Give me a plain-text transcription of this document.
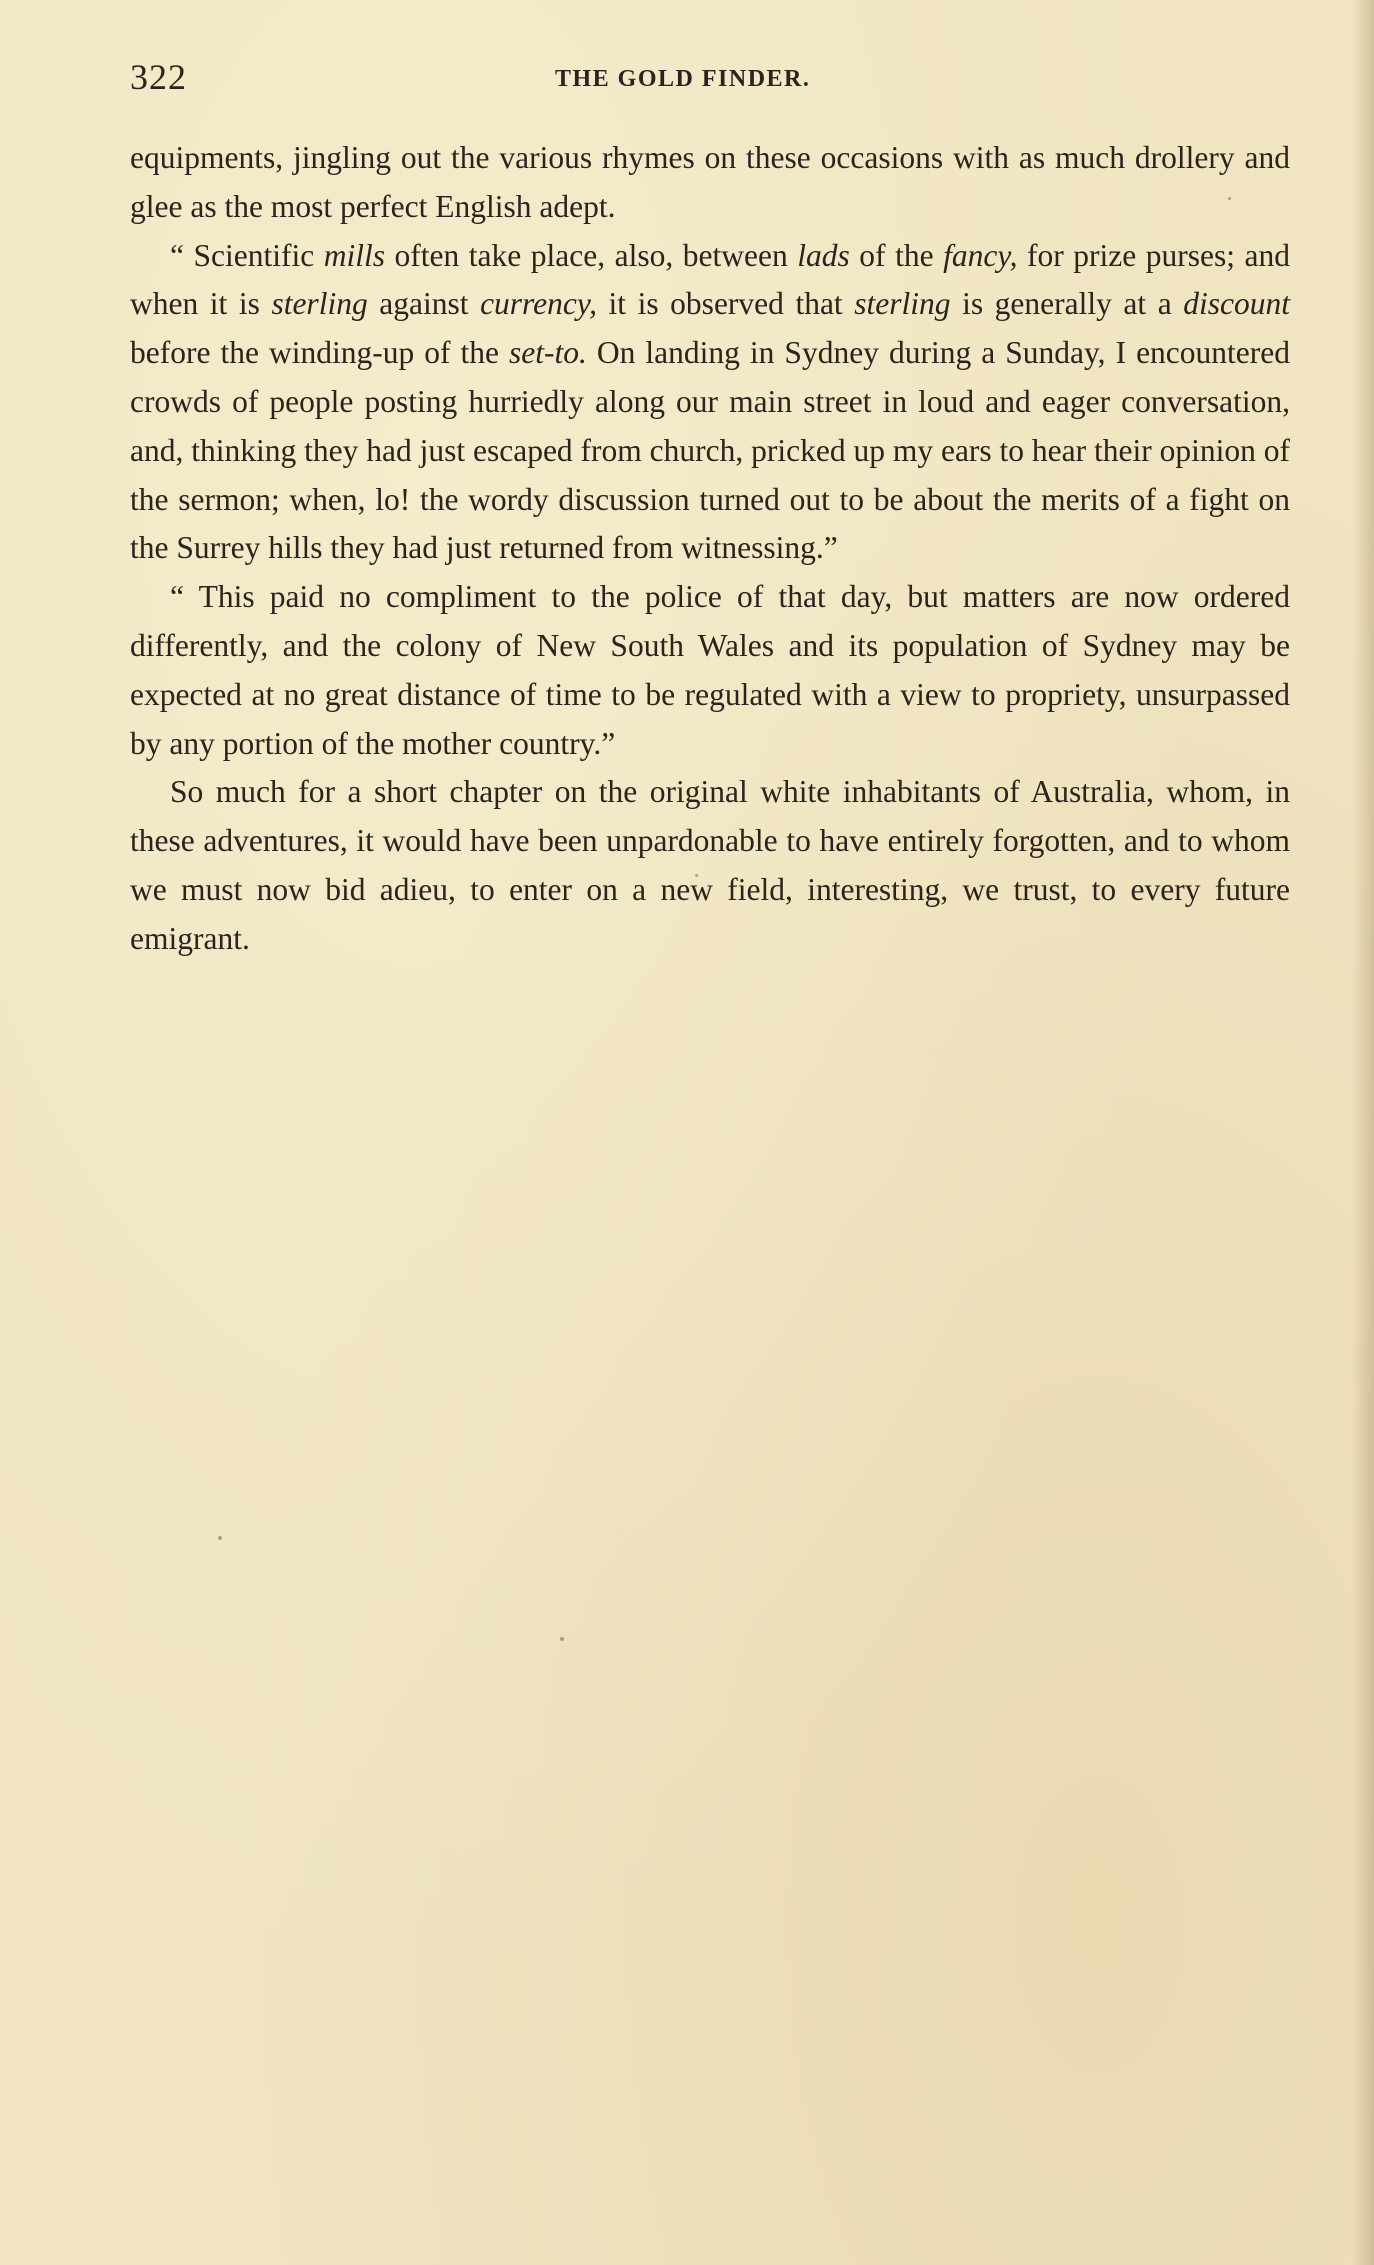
322	THE GOLD FINDER.

equipments, jingling out the various rhymes on these occasions with as much drollery and glee as the most perfect English adept.

“ Scientific mills often take place, also, between lads of the fancy, for prize purses; and when it is sterling against currency, it is observed that sterling is generally at a discount before the winding-up of the set-to. On landing in Sydney during a Sunday, I encountered crowds of people posting hurriedly along our main street in loud and eager conversation, and, thinking they had just escaped from church, pricked up my ears to hear their opinion of the sermon; when, lo! the wordy discussion turned out to be about the merits of a fight on the Surrey hills they had just returned from witnessing.”

“ This paid no compliment to the police of that day, but matters are now ordered differently, and the colony of New South Wales and its population of Sydney may be expected at no great distance of time to be regulated with a view to propriety, unsurpassed by any portion of the mother country.”

So much for a short chapter on the original white inhabitants of Australia, whom, in these adventures, it would have been unpardonable to have entirely forgotten, and to whom we must now bid adieu, to enter on a new field, interesting, we trust, to every future emigrant.
